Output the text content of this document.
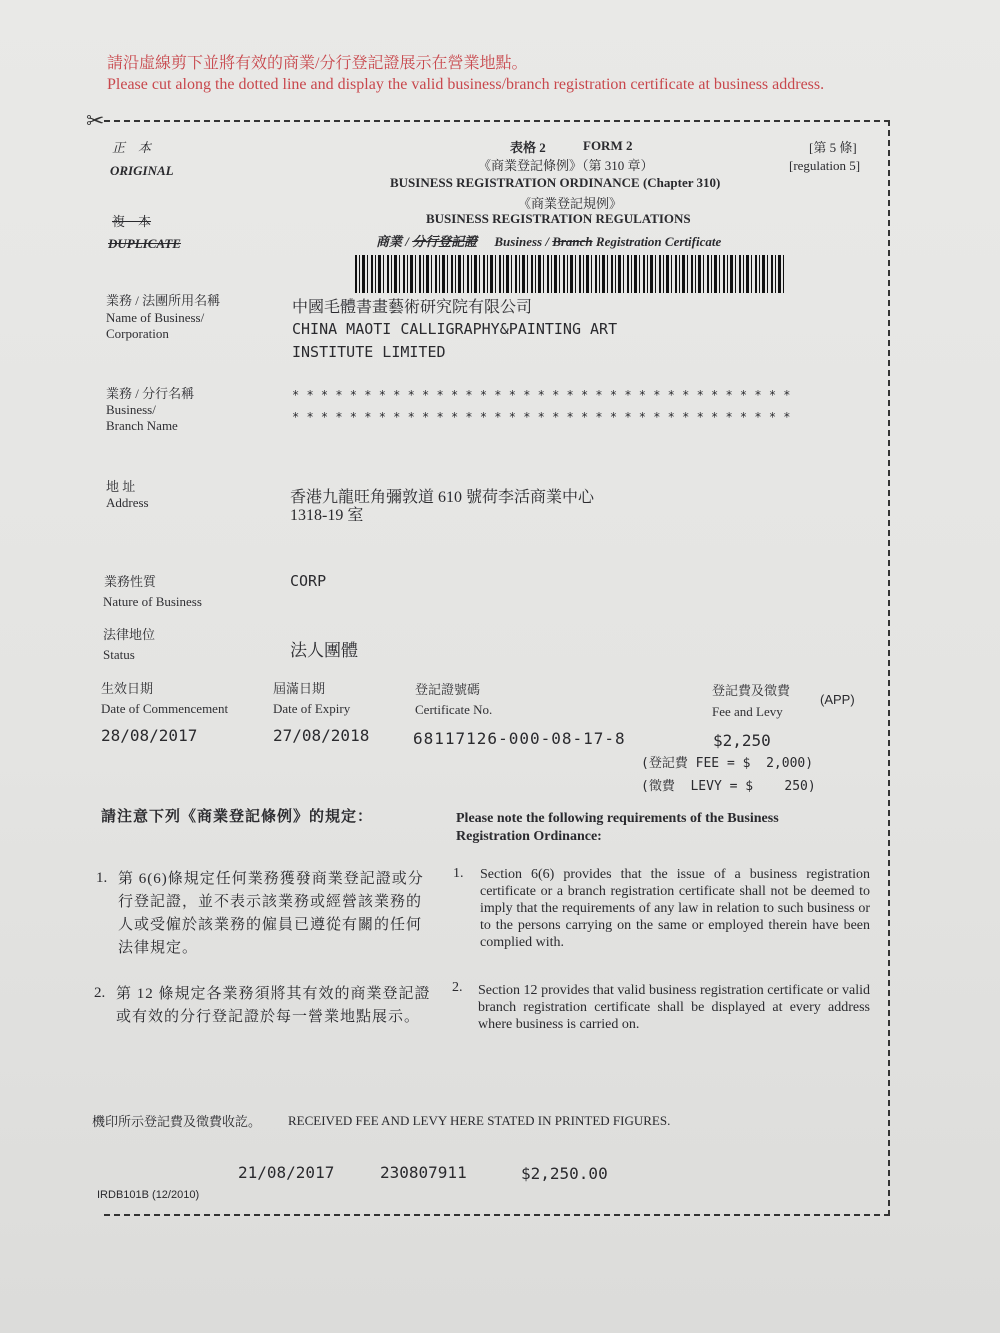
請沿虛線剪下並將有效的商業/分行登記證展示在營業地點。
Please cut along the dotted line and display the valid business/branch registration certificate at business address.
✂
正　本
ORIGINAL
複　本
DUPLICATE
表格 2	FORM 2
《商業登記條例》（第 310 章）
BUSINESS REGISTRATION ORDINANCE (Chapter 310)
《商業登記規例》
BUSINESS REGISTRATION REGULATIONS
商業 / 分行登記證 Business / Branch Registration Certificate
[第 5 條]
[regulation 5]
業務 / 法團所用名稱
Name of Business/ Corporation
中國毛體書畫藝術研究院有限公司
CHINA MAOTI CALLIGRAPHY&PAINTING ART
INSTITUTE LIMITED
業務 / 分行名稱
Business/
Branch Name
* * * * * * * * * * * * * * * * * * * * * * * * * * * * * * * * * * *
* * * * * * * * * * * * * * * * * * * * * * * * * * * * * * * * * * *
地 址
Address	香港九龍旺角彌敦道 610 號荷李活商業中心
1318-19 室
業務性質
Nature of Business
CORP
法律地位
Status	法人團體
生效日期
Date of Commencement
28/08/2017
屆滿日期
Date of Expiry
27/08/2018
登記證號碼
Certificate No.
68117126-000-08-17-8
登記費及徵費
Fee and Levy
(APP)
$2,250
(登記費 FEE = $  2,000)
(徵費  LEVY = $    250)
請注意下列《商業登記條例》的規定：	Please note the following requirements of the Business
Registration Ordinance:
1. 第 6(6)條規定任何業務獲發商業登記證或分行登記證，並不表示該業務或經營該業務的人或受僱於該業務的僱員已遵從有關的任何法律規定。
2. 第 12 條規定各業務須將其有效的商業登記證或有效的分行登記證於每一營業地點展示。
1. Section 6(6) provides that the issue of a business registration certificate or a branch registration certificate shall not be deemed to imply that the requirements of any law in relation to such business or to the persons carrying on the same or employed therein have been complied with.
2. Section 12 provides that valid business registration certificate or valid branch registration certificate shall be displayed at every address where business is carried on.
機印所示登記費及徵費收訖。 RECEIVED FEE AND LEVY HERE STATED IN PRINTED FIGURES.
21/08/2017	230807911	$2,250.00
IRDB101B (12/2010)
